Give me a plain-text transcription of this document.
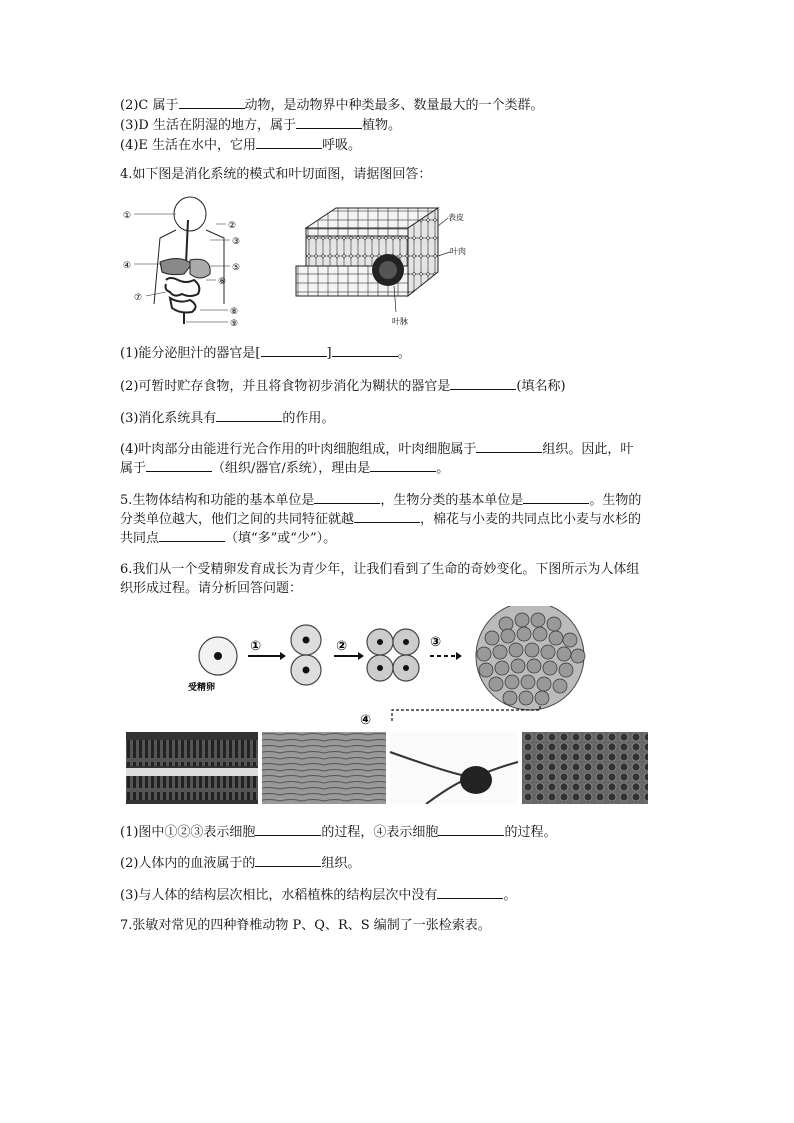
(2)C 属于	动物，是动物界中种类最多、数量最大的一个类群。
(3)D 生活在阴湿的地方，属于	植物。
(4)E 生活在水中，它用	呼吸。
4.如下图是消化系统的模式和叶切面图，请据图回答：
①
②
③
④	⑤
⑥
⑦
⑧
⑨
表皮
叶肉
叶脉
(1)能分泌胆汁的器官是[	]	。
(2)可暂时贮存食物，并且将食物初步消化为糊状的器官是	(填名称)
(3)消化系统具有	的作用。
(4)叶肉部分由能进行光合作用的叶肉细胞组成，叶肉细胞属于	组织。因此，叶
属于	（组织/器官/系统），理由是	。
5.生物体结构和功能的基本单位是	，生物分类的基本单位是	。生物的
分类单位越大，他们之间的共同特征就越	，棉花与小麦的共同点比小麦与水杉的
共同点	（填“多”或“少”）。
6.我们从一个受精卵发育成长为青少年，让我们看到了生命的奇妙变化。下图所示为人体组
织形成过程。请分析回答问题：
受精卵
①	②	③
④
(1)图中①②③表示细胞	的过程，④表示细胞	的过程。
(2)人体内的血液属于的	组织。
(3)与人体的结构层次相比，水稻植株的结构层次中没有	。
7.张敏对常见的四种脊椎动物 P、Q、R、S 编制了一张检索表。
